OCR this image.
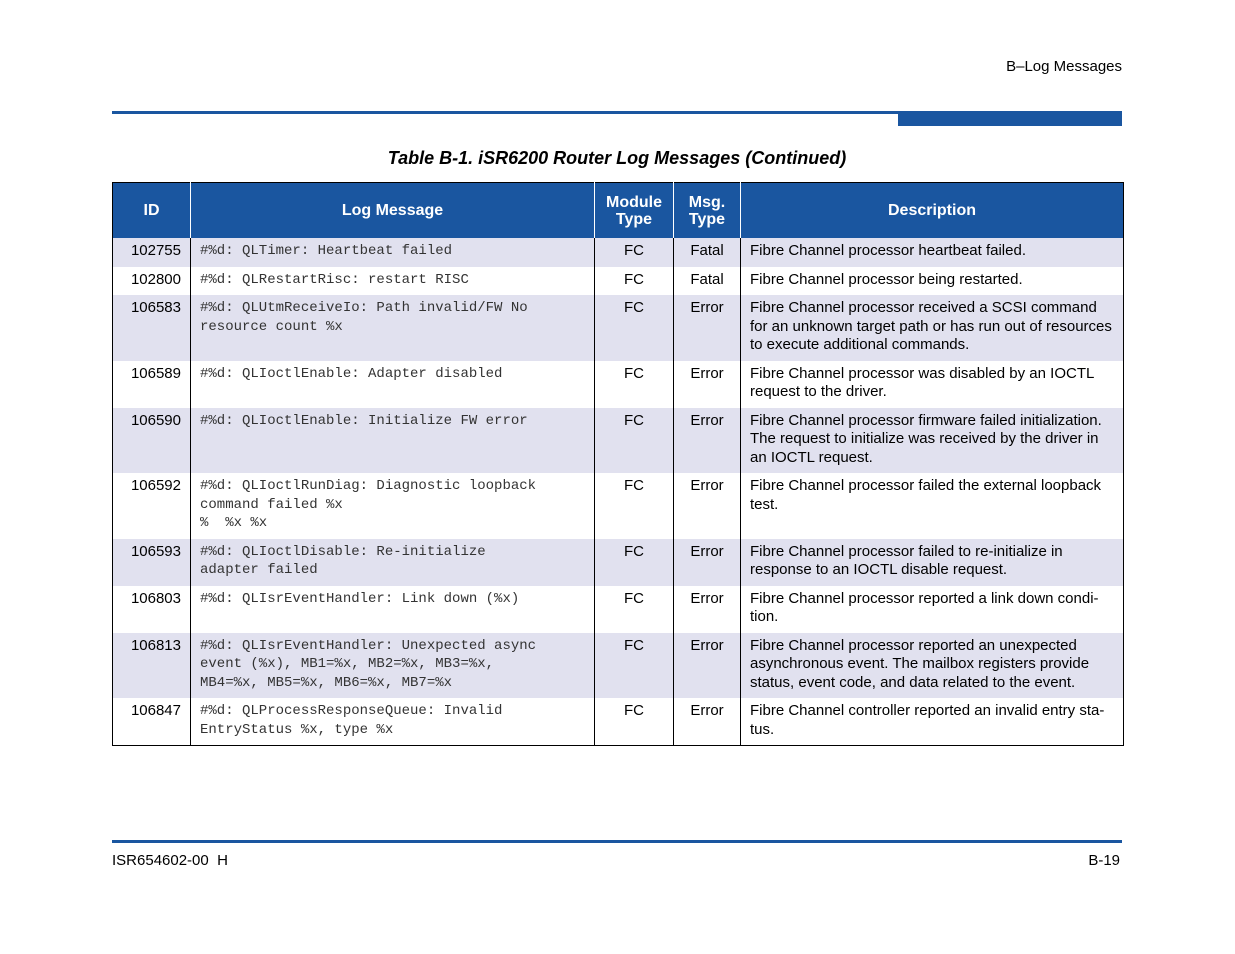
B–Log Messages
Table B-1. iSR6200 Router Log Messages (Continued)
ID	Log Message	Module Type	Msg. Type	Description
102755	#%d: QLTimer: Heartbeat failed	FC	Fatal	Fibre Channel processor heartbeat failed.
102800	#%d: QLRestartRisc: restart RISC	FC	Fatal	Fibre Channel processor being restarted.
106583	#%d: QLUtmReceiveIo: Path invalid/FW No
resource count %x	FC	Error	Fibre Channel processor received a SCSI command for an unknown target path or has run out of resources to execute additional commands.
106589	#%d: QLIoctlEnable: Adapter disabled	FC	Error	Fibre Channel processor was disabled by an IOCTL request to the driver.
106590	#%d: QLIoctlEnable: Initialize FW error	FC	Error	Fibre Channel processor firmware failed initialization. The request to initialize was received by the driver in an IOCTL request.
106592	#%d: QLIoctlRunDiag: Diagnostic loopback
command failed %x
%  %x %x	FC	Error	Fibre Channel processor failed the external loopback test.
106593	#%d: QLIoctlDisable: Re-initialize
adapter failed	FC	Error	Fibre Channel processor failed to re-initialize in response to an IOCTL disable request.
106803	#%d: QLIsrEventHandler: Link down (%x)	FC	Error	Fibre Channel processor reported a link down condi-tion.
106813	#%d: QLIsrEventHandler: Unexpected async
event (%x), MB1=%x, MB2=%x, MB3=%x,
MB4=%x, MB5=%x, MB6=%x, MB7=%x	FC	Error	Fibre Channel processor reported an unexpected asynchronous event. The mailbox registers provide status, event code, and data related to the event.
106847	#%d: QLProcessResponseQueue: Invalid
EntryStatus %x, type %x	FC	Error	Fibre Channel controller reported an invalid entry sta-tus.
ISR654602-00  H	B-19
